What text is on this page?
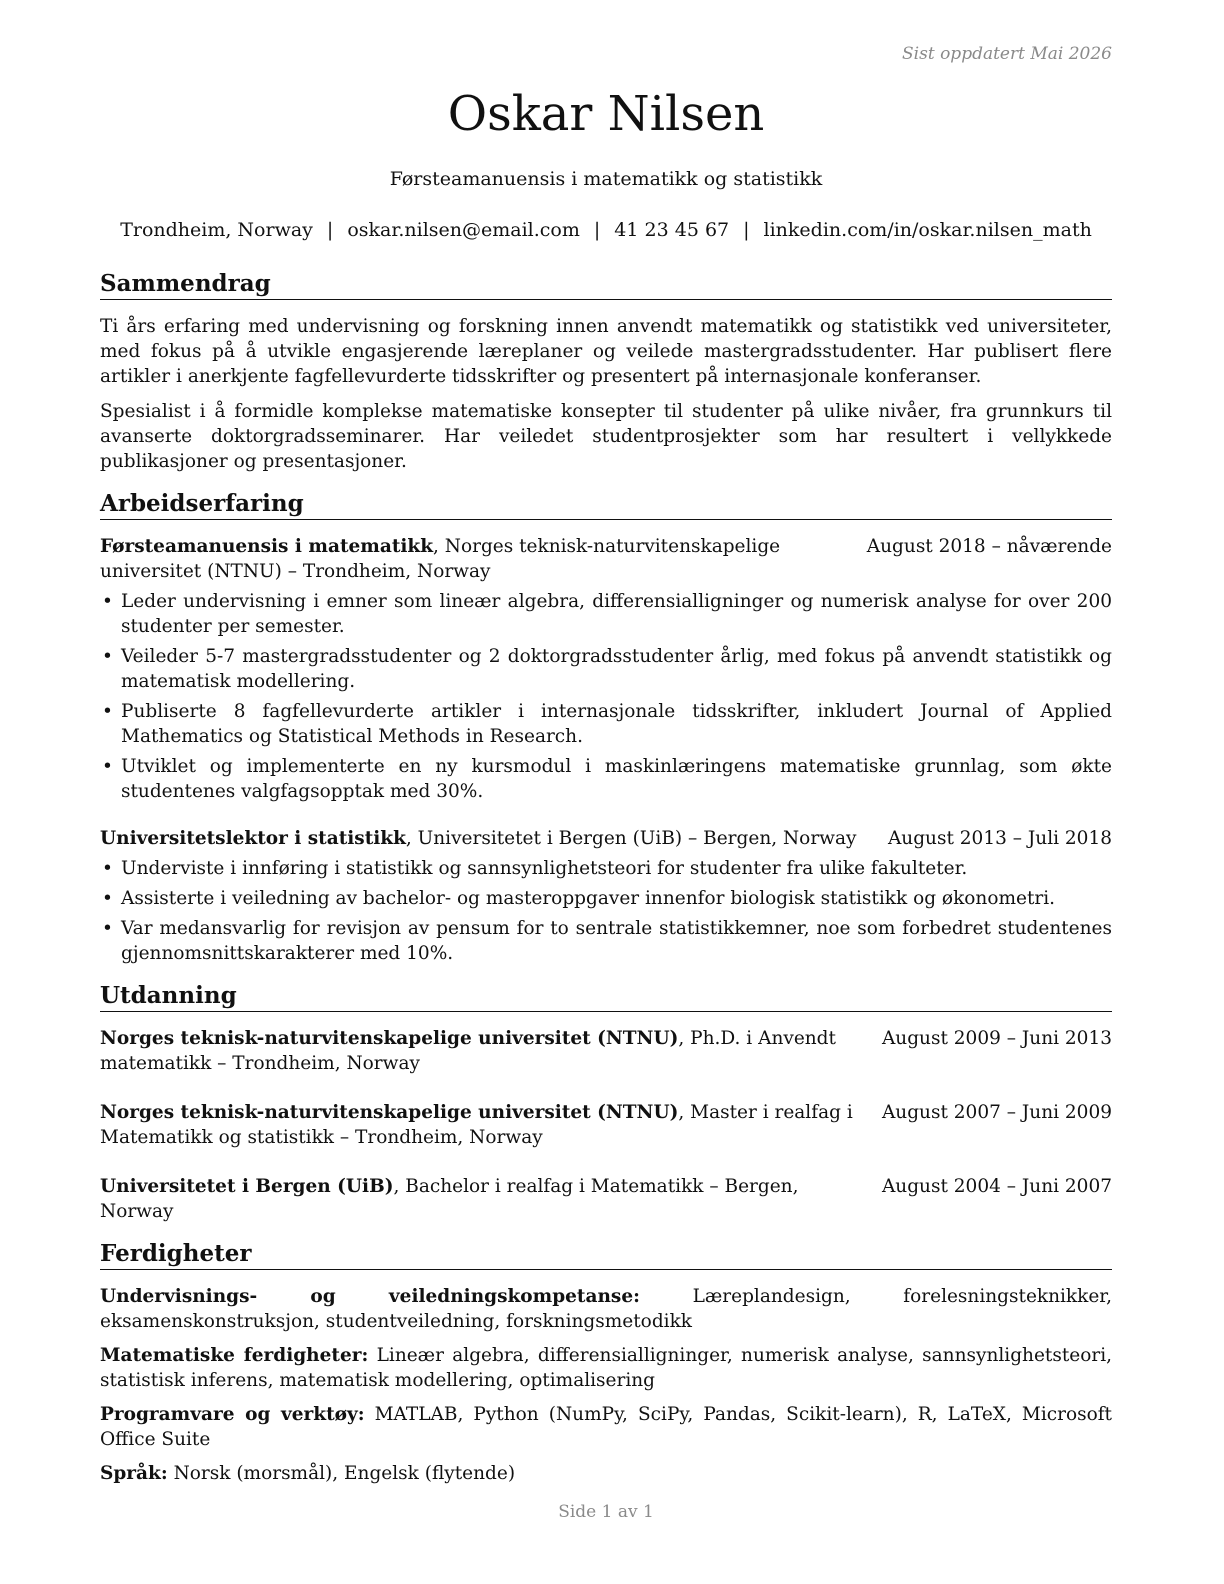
Sist oppdatert Mai 2026
Oskar Nilsen
Førsteamanuensis i matematikk og statistikk
Trondheim, Norway | oskar.nilsen@email.com | 41 23 45 67 | linkedin.com/in/oskar.nilsen_math
Sammendrag

Ti års erfaring med undervisning og forskning innen anvendt matematikk og statistikk ved universiteter, med fokus på å utvikle engasjerende læreplaner og veilede mastergradsstudenter. Har publisert flere artikler i anerkjente fagfellevurderte tidsskrifter og presentert på internasjonale konferanser.

Spesialist i å formidle komplekse matematiske konsepter til studenter på ulike nivåer, fra grunnkurs til avanserte doktorgradsseminarer. Har veiledet studentprosjekter som har resultert i vellykkede publikasjoner og presentasjoner.

Arbeidserfaring
Førsteamanuensis i matematikk, Norges teknisk-naturvitenskapelige universitet (NTNU) – Trondheim, Norway
August 2018 – nåværende
• Leder undervisning i emner som lineær algebra, differensialligninger og numerisk analyse for over 200 studenter per semester.
• Veileder 5-7 mastergradsstudenter og 2 doktorgradsstudenter årlig, med fokus på anvendt statistikk og matematisk modellering.
• Publiserte 8 fagfellevurderte artikler i internasjonale tidsskrifter, inkludert Journal of Applied Mathematics og Statistical Methods in Research.
• Utviklet og implementerte en ny kursmodul i maskinlæringens matematiske grunnlag, som økte studentenes valgfagsopptak med 30%.
Universitetslektor i statistikk, Universitetet i Bergen (UiB) – Bergen, Norway	August 2013 – Juli 2018
• Underviste i innføring i statistikk og sannsynlighetsteori for studenter fra ulike fakulteter.
• Assisterte i veiledning av bachelor- og masteroppgaver innenfor biologisk statistikk og økonometri.
• Var medansvarlig for revisjon av pensum for to sentrale statistikkemner, noe som forbedret studentenes gjennomsnittskarakterer med 10%.
Utdanning
Norges teknisk-naturvitenskapelige universitet (NTNU), Ph.D. i Anvendt matematikk – Trondheim, Norway
August 2009 – Juni 2013
Norges teknisk-naturvitenskapelige universitet (NTNU), Master i realfag i Matematikk og statistikk – Trondheim, Norway
August 2007 – Juni 2009
Universitetet i Bergen (UiB), Bachelor i realfag i Matematikk – Bergen, Norway
August 2004 – Juni 2007
Ferdigheter

Undervisnings- og veiledningskompetanse: Læreplandesign, forelesningsteknikker, eksamenskonstruksjon, studentveiledning, forskningsmetodikk

Matematiske ferdigheter: Lineær algebra, differensialligninger, numerisk analyse, sannsynlighetsteori, statistisk inferens, matematisk modellering, optimalisering

Programvare og verktøy: MATLAB, Python (NumPy, SciPy, Pandas, Scikit-learn), R, LaTeX, Microsoft Office Suite

Språk: Norsk (morsmål), Engelsk (flytende)

Side 1 av 1
